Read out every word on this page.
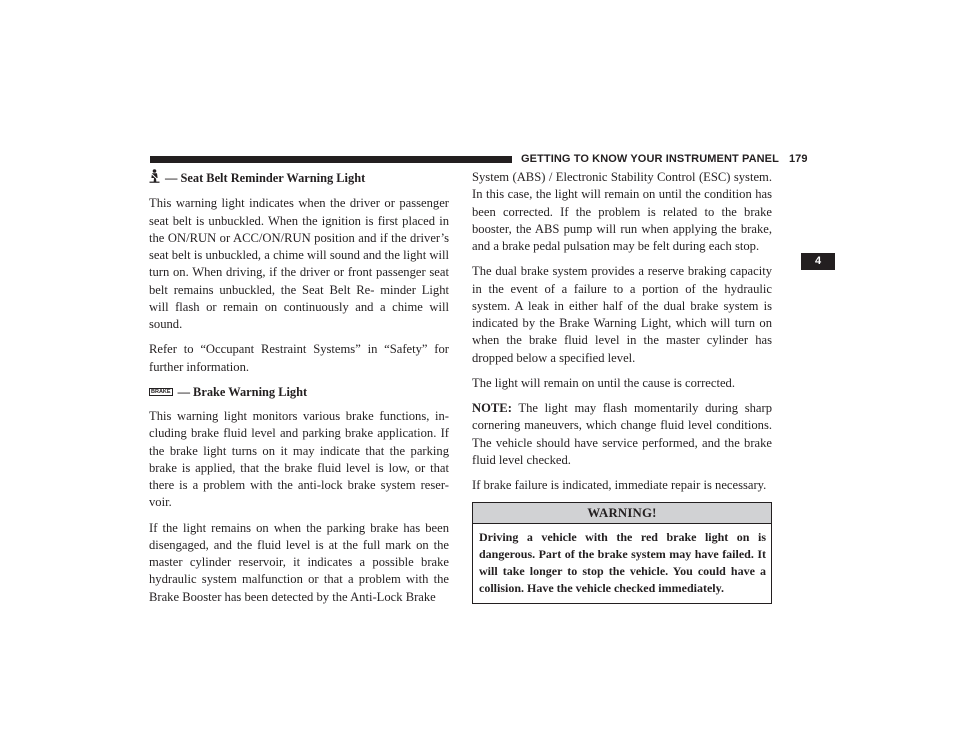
GETTING TO KNOW YOUR INSTRUMENT PANEL 179
4
— Seat Belt Reminder Warning Light

This warning light indicates when the driver or passenger seat belt is unbuckled. When the ignition is first placed in the ON/RUN or ACC/ON/RUN position and if the driver’s seat belt is unbuckled, a chime will sound and the light will turn on. When driving, if the driver or front passenger seat belt remains unbuckled, the Seat Belt Re- minder Light will flash or remain on continuously and a chime will sound.

Refer to “Occupant Restraint Systems” in “Safety” for further information.

BRAKE — Brake Warning Light

This warning light monitors various brake functions, in- cluding brake fluid level and parking brake application. If the brake light turns on it may indicate that the parking brake is applied, that the brake fluid level is low, or that there is a problem with the anti-lock brake system reser- voir.

If the light remains on when the parking brake has been disengaged, and the fluid level is at the full mark on the master cylinder reservoir, it indicates a possible brake hydraulic system malfunction or that a problem with the Brake Booster has been detected by the Anti-Lock Brake

System (ABS) / Electronic Stability Control (ESC) system. In this case, the light will remain on until the condition has been corrected. If the problem is related to the brake booster, the ABS pump will run when applying the brake, and a brake pedal pulsation may be felt during each stop.

The dual brake system provides a reserve braking capacity in the event of a failure to a portion of the hydraulic system. A leak in either half of the dual brake system is indicated by the Brake Warning Light, which will turn on when the brake fluid level in the master cylinder has dropped below a specified level.

The light will remain on until the cause is corrected.

NOTE: The light may flash momentarily during sharp cornering maneuvers, which change fluid level conditions. The vehicle should have service performed, and the brake fluid level checked.

If brake failure is indicated, immediate repair is necessary.

WARNING!
Driving a vehicle with the red brake light on is dangerous. Part of the brake system may have failed. It will take longer to stop the vehicle. You could have a collision. Have the vehicle checked immediately.
